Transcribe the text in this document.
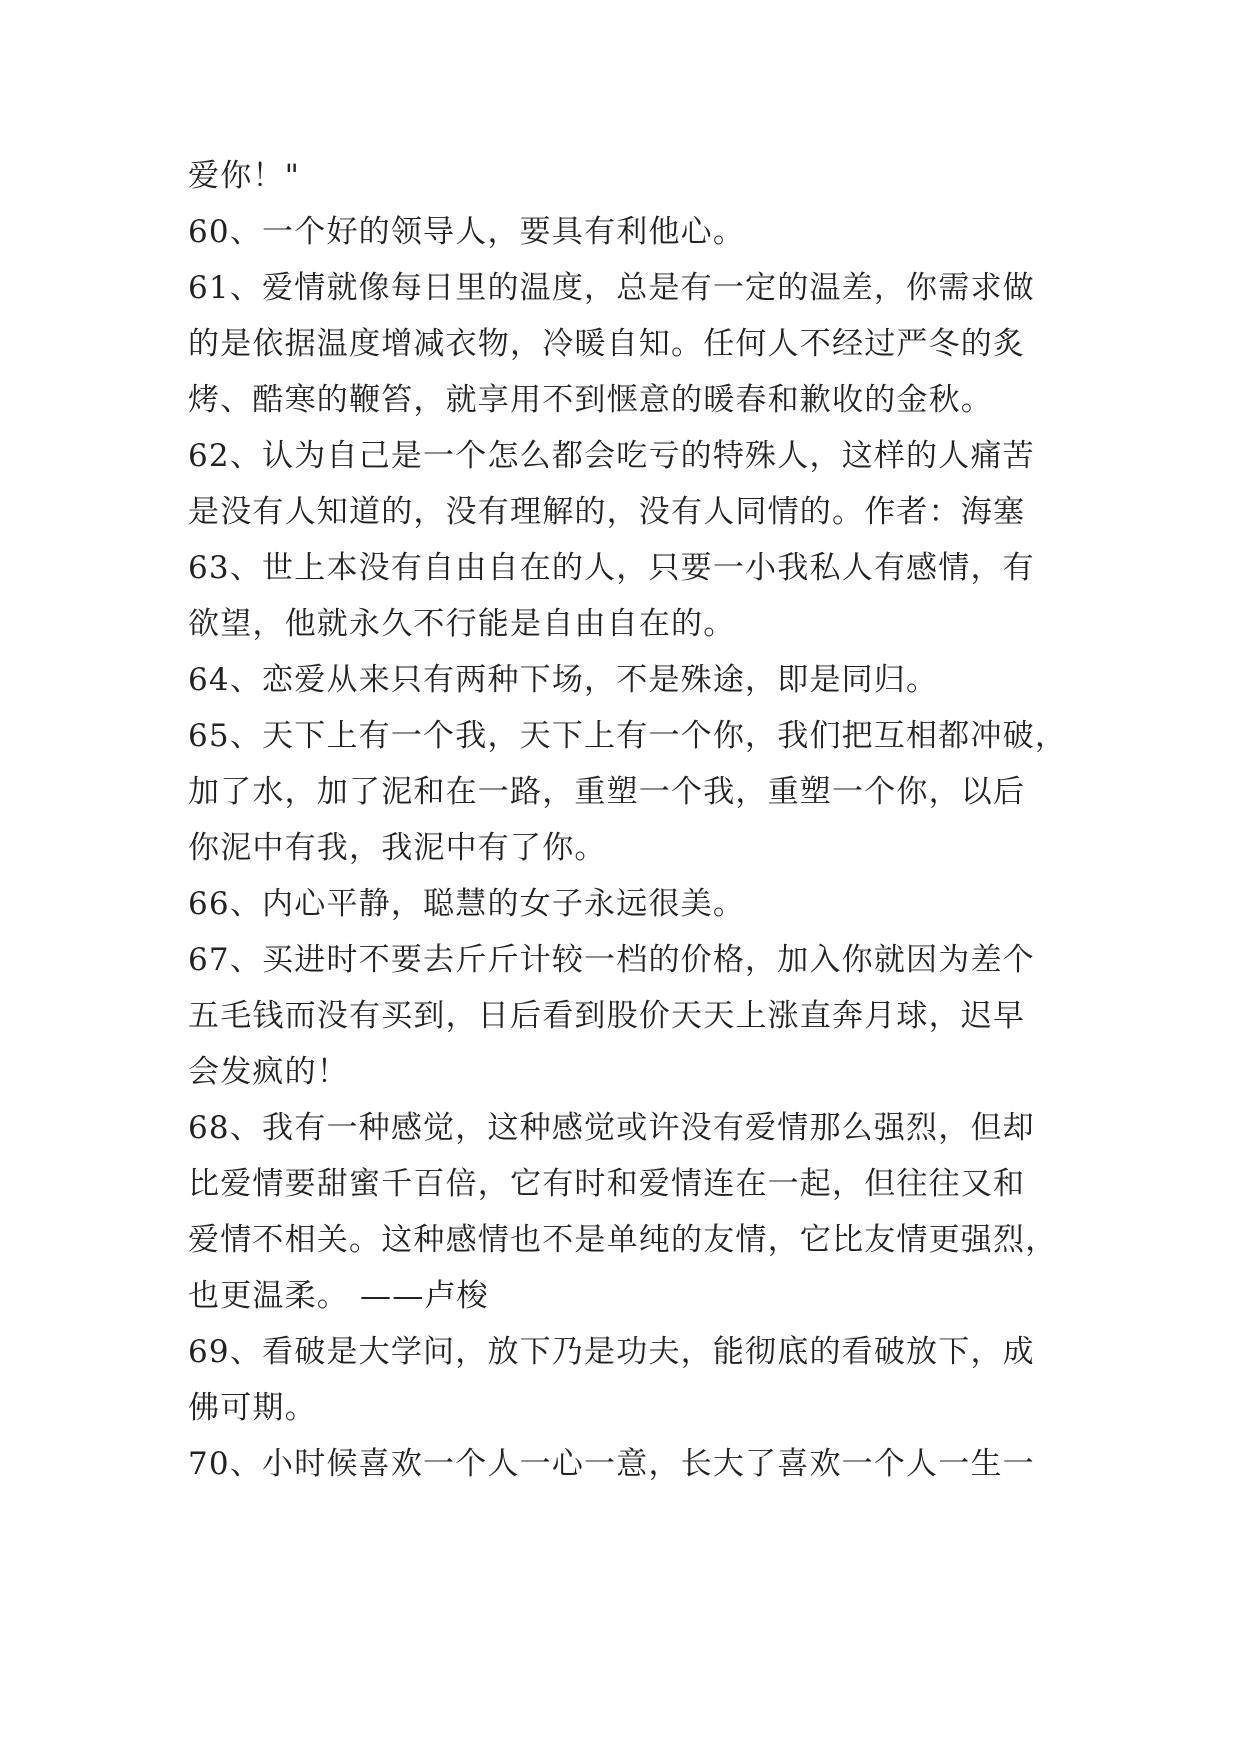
爱你！"
60、一个好的领导人，要具有利他心。
61、爱情就像每日里的温度，总是有一定的温差，你需求做
的是依据温度增减衣物，冷暖自知。任何人不经过严冬的炙
烤、酷寒的鞭笞，就享用不到惬意的暖春和歉收的金秋。
62、认为自己是一个怎么都会吃亏的特殊人，这样的人痛苦
是没有人知道的，没有理解的，没有人同情的。作者：海塞
63、世上本没有自由自在的人，只要一小我私人有感情，有
欲望，他就永久不行能是自由自在的。
64、恋爱从来只有两种下场，不是殊途，即是同归。
65、天下上有一个我，天下上有一个你，我们把互相都冲破，
加了水，加了泥和在一路，重塑一个我，重塑一个你，以后
你泥中有我，我泥中有了你。
66、内心平静，聪慧的女子永远很美。
67、买进时不要去斤斤计较一档的价格，加入你就因为差个
五毛钱而没有买到，日后看到股价天天上涨直奔月球，迟早
会发疯的！
68、我有一种感觉，这种感觉或许没有爱情那么强烈，但却
比爱情要甜蜜千百倍，它有时和爱情连在一起，但往往又和
爱情不相关。这种感情也不是单纯的友情，它比友情更强烈，
也更温柔。 ——卢梭
69、看破是大学问，放下乃是功夫，能彻底的看破放下，成
佛可期。
70、小时候喜欢一个人一心一意，长大了喜欢一个人一生一
